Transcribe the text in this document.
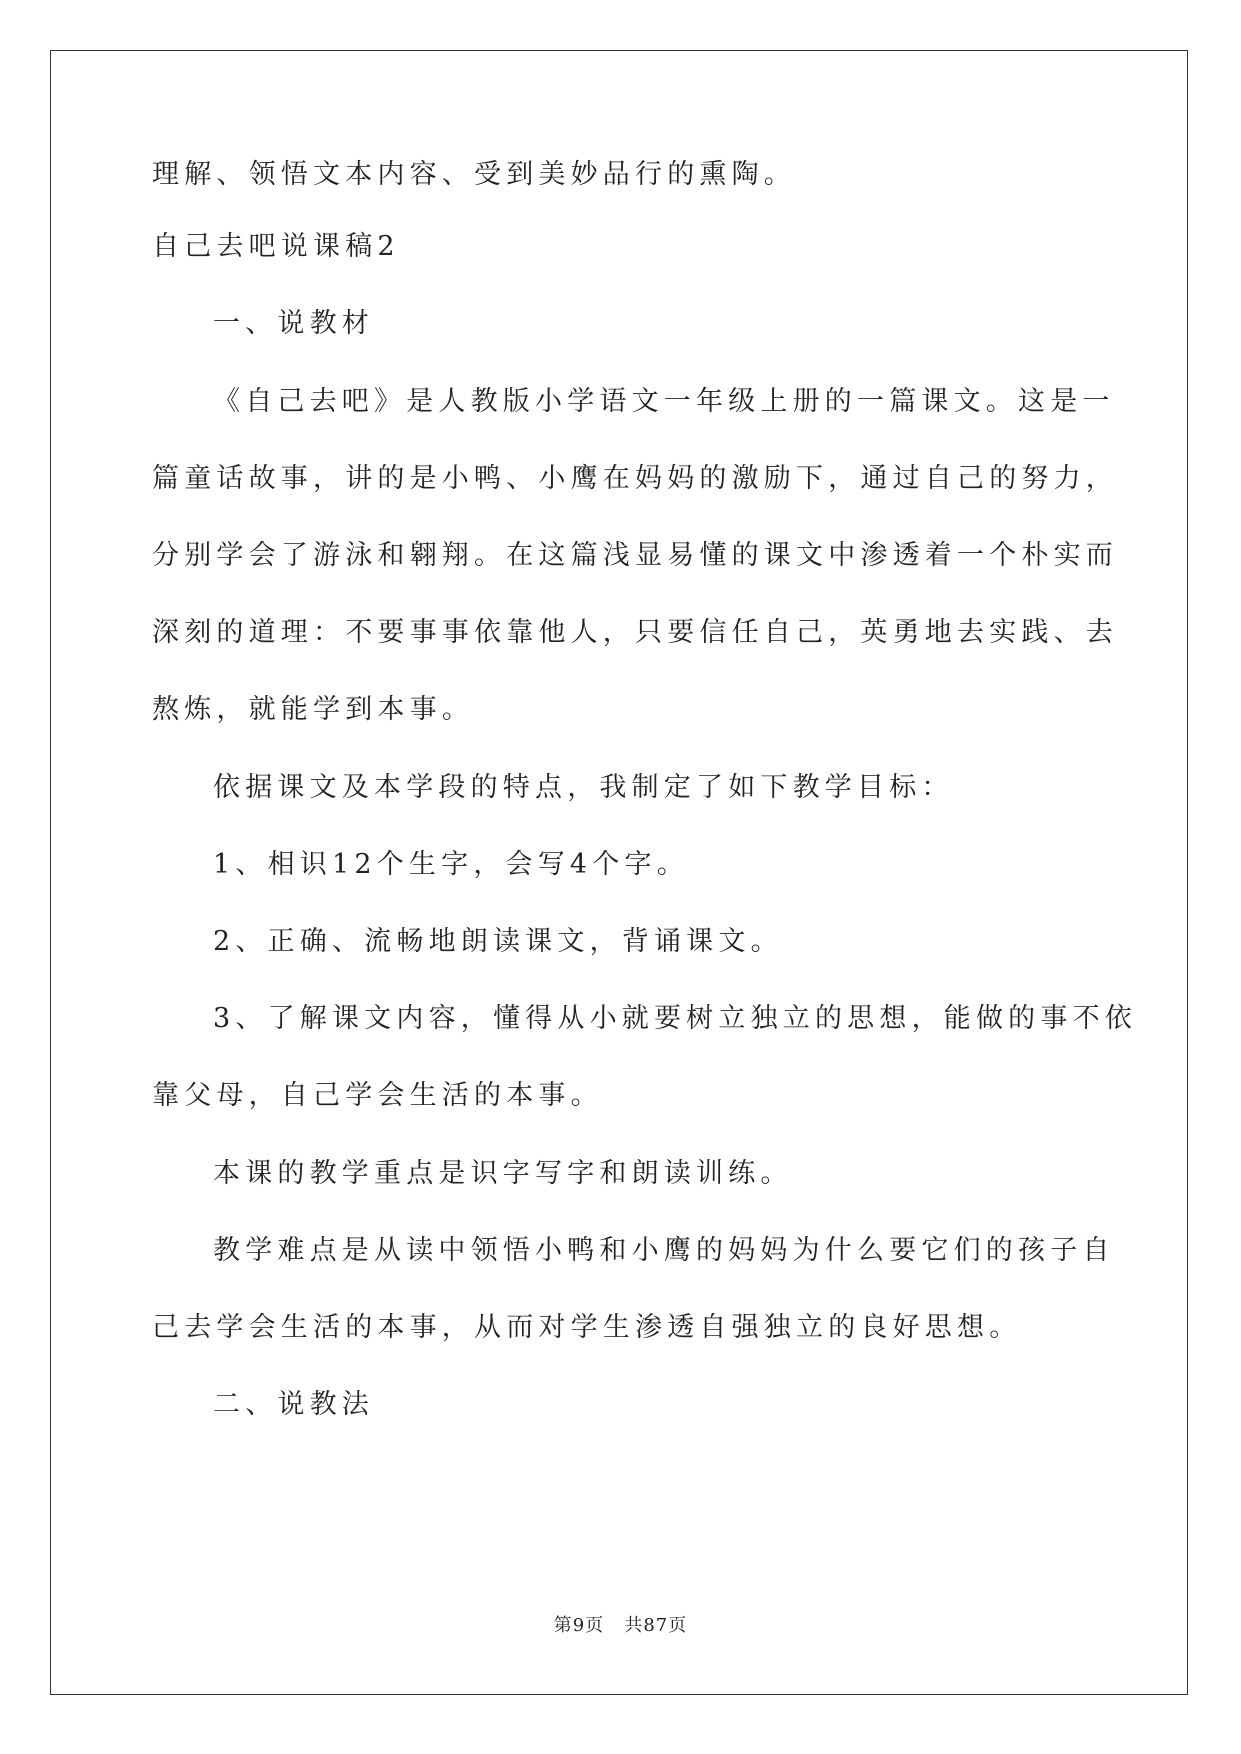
理解、领悟文本内容、受到美妙品行的熏陶。
自己去吧说课稿2
一、说教材
《自己去吧》是人教版小学语文一年级上册的一篇课文。这是一
篇童话故事，讲的是小鸭、小鹰在妈妈的激励下，通过自己的努力，
分别学会了游泳和翱翔。在这篇浅显易懂的课文中渗透着一个朴实而
深刻的道理：不要事事依靠他人，只要信任自己，英勇地去实践、去
熬炼，就能学到本事。
依据课文及本学段的特点，我制定了如下教学目标：
1、相识12个生字，会写4个字。
2、正确、流畅地朗读课文，背诵课文。
3、了解课文内容，懂得从小就要树立独立的思想，能做的事不依
靠父母，自己学会生活的本事。
本课的教学重点是识字写字和朗读训练。
教学难点是从读中领悟小鸭和小鹰的妈妈为什么要它们的孩子自
己去学会生活的本事，从而对学生渗透自强独立的良好思想。
二、说教法
第9页 共87页
